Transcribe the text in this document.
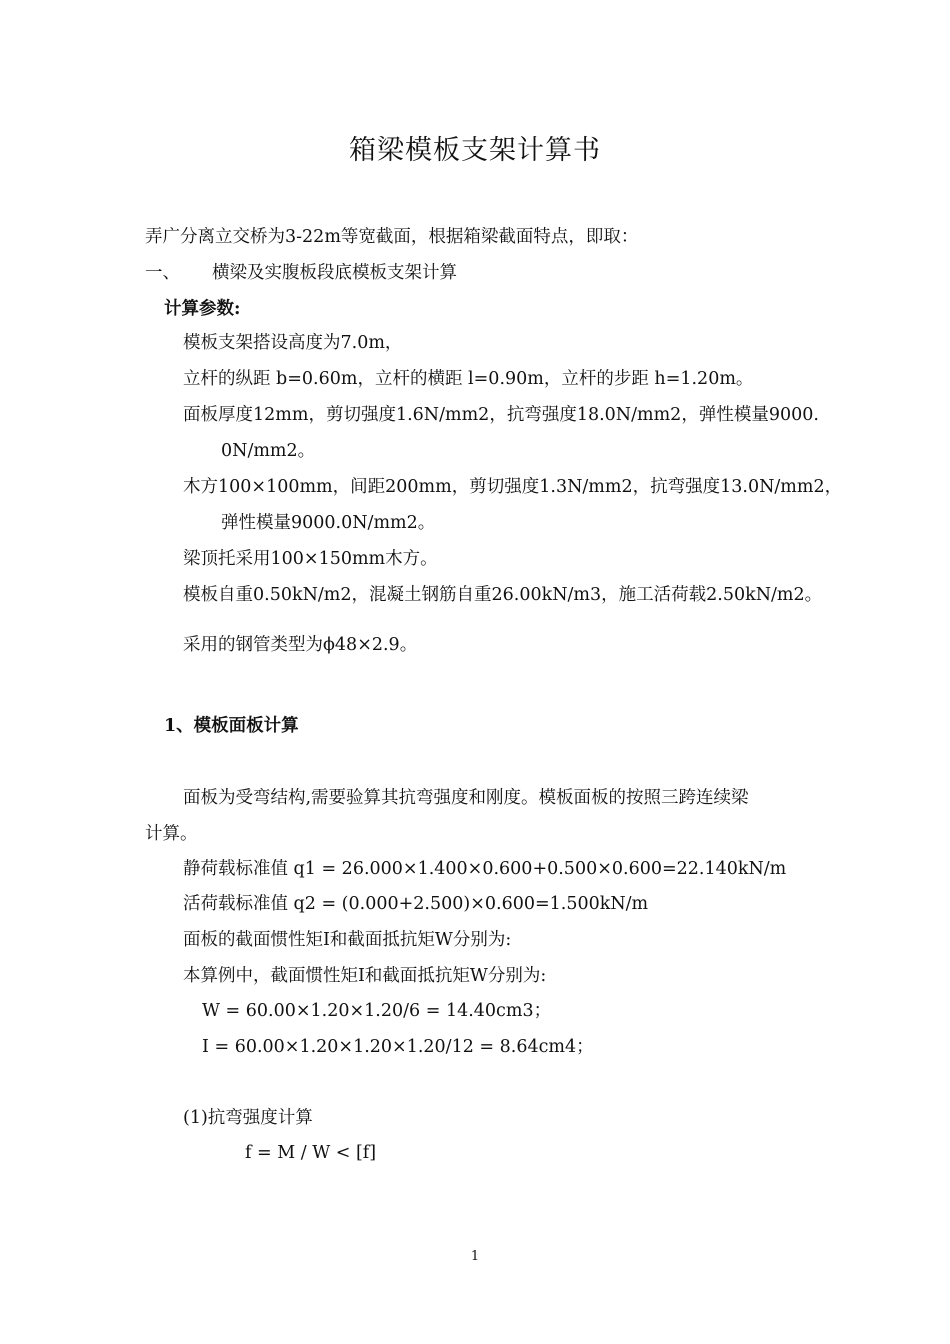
箱梁模板支架计算书
弄广分离立交桥为3-22m等宽截面，根据箱梁截面特点，即取：
一、 横梁及实腹板段底模板支架计算
计算参数:
模板支架搭设高度为7.0m，
立杆的纵距 b=0.60m，立杆的横距 l=0.90m，立杆的步距 h=1.20m。
面板厚度12mm，剪切强度1.6N/mm2，抗弯强度18.0N/mm2，弹性模量9000.
0N/mm2。
木方100×100mm，间距200mm，剪切强度1.3N/mm2，抗弯强度13.0N/mm2，
弹性模量9000.0N/mm2。
梁顶托采用100×150mm木方。
模板自重0.50kN/m2，混凝土钢筋自重26.00kN/m3，施工活荷载2.50kN/m2。
采用的钢管类型为ϕ48×2.9。
1、模板面板计算
面板为受弯结构,需要验算其抗弯强度和刚度。模板面板的按照三跨连续梁
计算。
静荷载标准值 q1 = 26.000×1.400×0.600+0.500×0.600=22.140kN/m
活荷载标准值 q2 = (0.000+2.500)×0.600=1.500kN/m
面板的截面惯性矩I和截面抵抗矩W分别为:
本算例中，截面惯性矩I和截面抵抗矩W分别为:
W = 60.00×1.20×1.20/6 = 14.40cm3；
I = 60.00×1.20×1.20×1.20/12 = 8.64cm4；
(1)抗弯强度计算
f = M / W < [f]
1
